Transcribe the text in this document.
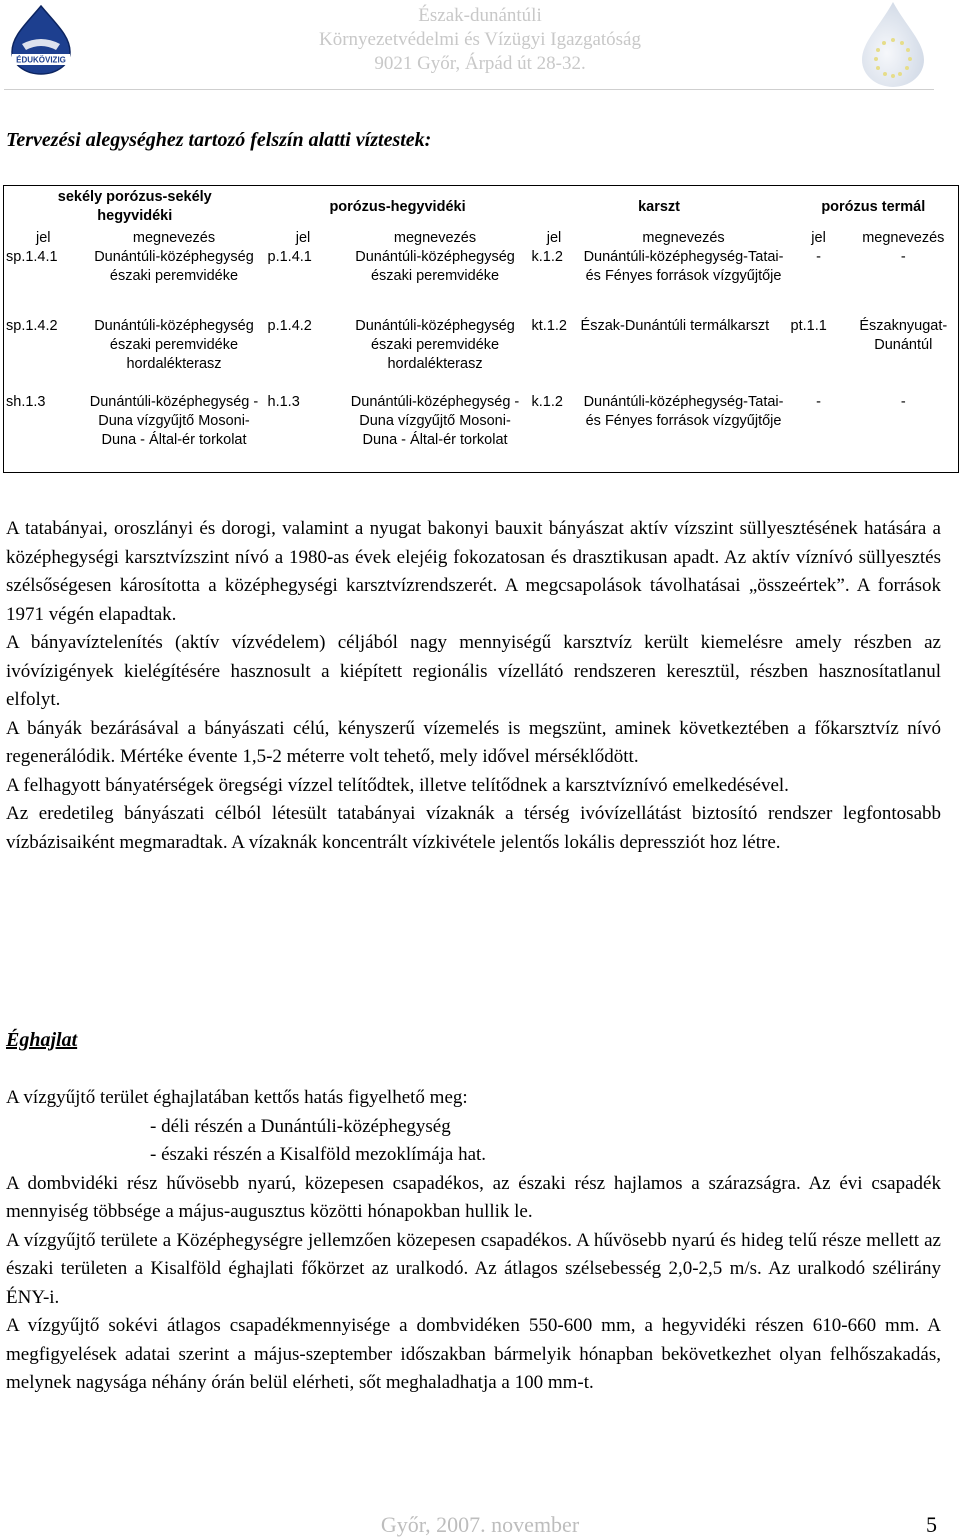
ÉDUKÖVIZIG
GYŐR
Észak-dunántúli
Környezetvédelmi és Vízügyi Igazgatóság
9021 Győr, Árpád út 28-32.
Tervezési alegységhez tartozó felszín alatti víztestek:
sekély porózus-sekély hegyvidéki		porózus-hegyvidéki		karszt		porózus termál	
jel	megnevezés	jel	megnevezés	jel	megnevezés	jel	megnevezés
sp.1.4.1	Dunántúli-középhegység északi peremvidéke	p.1.4.1	Dunántúli-középhegység északi peremvidéke	k.1.2	Dunántúli-középhegység-Tatai- és Fényes források vízgyűjtője	-	-

sp.1.4.2	Dunántúli-középhegység északi peremvidéke hordalékterasz	p.1.4.2	Dunántúli-középhegység északi peremvidéke hordalékterasz	kt.1.2	Észak-Dunántúli termálkarszt	pt.1.1	Északnyugat-Dunántúl
sh.1.3	Dunántúli-középhegység - Duna vízgyűjtő Mosoni-Duna - Által-ér torkolat	h.1.3	Dunántúli-középhegység - Duna vízgyűjtő Mosoni-Duna - Által-ér torkolat	k.1.2	Dunántúli-középhegység-Tatai- és Fényes források vízgyűjtője	-	-

A tatabányai, oroszlányi és dorogi, valamint a nyugat bakonyi bauxit bányászat aktív vízszint süllyesztésének hatására a középhegységi karsztvízszint nívó a 1980-as évek elejéig fokozatosan és drasztikusan apadt. Az aktív víznívó süllyesztés szélsőségesen károsította a középhegységi karsztvízrendszerét. A megcsapolások távolhatásai „összeértek”. A források 1971 végén elapadtak.

A bányavíztelenítés (aktív vízvédelem) céljából nagy mennyiségű karsztvíz került kiemelésre amely részben az ivóvízigények kielégítésére hasznosult a kiépített regionális vízellátó rendszeren keresztül, részben hasznosítatlanul elfolyt.

A bányák bezárásával a bányászati célú, kényszerű vízemelés is megszünt, aminek következtében a főkarsztvíz nívó regenerálódik. Mértéke évente 1,5-2 méterre volt tehető, mely idővel mérséklődött.

A felhagyott bányatérségek öregségi vízzel telítődtek, illetve telítődnek a karsztvíznívó emelkedésével.

Az eredetileg bányászati célból létesült tatabányai vízaknák a térség ivóvízellátást biztosító rendszer legfontosabb vízbázisaiként megmaradtak. A vízaknák koncentrált vízkivétele jelentős lokális depressziót hoz létre.

Éghajlat

A vízgyűjtő terület éghajlatában kettős hatás figyelhető meg:

- déli részén a Dunántúli-középhegység

- északi részén a Kisalföld mezoklímája hat.

A dombvidéki rész hűvösebb nyarú, közepesen csapadékos, az északi rész hajlamos a szárazságra. Az évi csapadék mennyiség többsége a május-augusztus közötti hónapokban hullik le.

A vízgyűjtő területe a Középhegységre jellemzően közepesen csapadékos. A hűvösebb nyarú és hideg telű része mellett az északi területen a Kisalföld éghajlati főkörzet az uralkodó. Az átlagos szélsebesség 2,0-2,5 m/s. Az uralkodó szélirány ÉNY-i.

A vízgyűjtő sokévi átlagos csapadékmennyisége a dombvidéken 550-600 mm, a hegyvidéki részen 610-660 mm. A megfigyelések adatai szerint a május-szeptember időszakban bármelyik hónapban bekövetkezhet olyan felhőszakadás, melynek nagysága néhány órán belül elérheti, sőt meghaladhatja a 100 mm-t.

Győr, 2007. november	5
